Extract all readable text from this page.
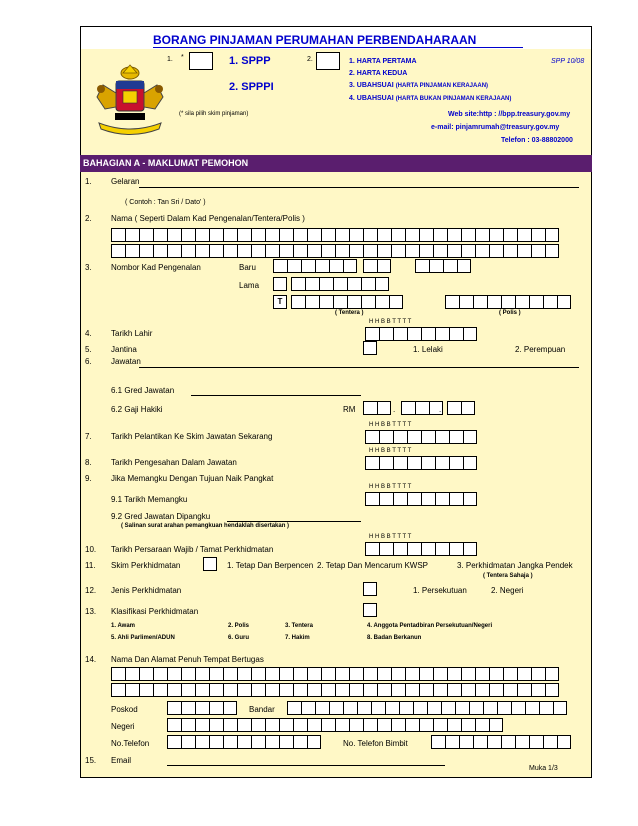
BORANG PINJAMAN PERUMAHAN PERBENDAHARAAN
1. *	1. SPPP
2. SPPPI
2.
(* sila pilih skim pinjaman)
1. HARTA PERTAMA
2. HARTA KEDUA
3. UBAHSUAI (HARTA PINJAMAN KERAJAAN)
4. UBAHSUAI (HARTA BUKAN PINJAMAN KERAJAAN)
SPP 10/08
Web site:http : //bpp.treasury.gov.my
e-mail: pinjamrumah@treasury.gov.my
Telefon : 03-88802000
BAHAGIAN A - MAKLUMAT PEMOHON
1. Gelaran
( Contoh : Tan Sri / Dato' )
2. Nama ( Seperti Dalam Kad Pengenalan/Tentera/Polis )
3. Nombor Kad Pengenalan	Baru
Lama
T
( Tentera )	( Polis )
H H B B T T T T
4. Tarikh Lahir
5. Jantina	1. Lelaki	2. Perempuan
6. Jawatan
6.1 Gred Jawatan
6.2 Gaji Hakiki	RM	.	.
H H B B T T T T
7. Tarikh Pelantikan Ke Skim Jawatan Sekarang
H H B B T T T T
8. Tarikh Pengesahan Dalam Jawatan
9. Jika Memangku Dengan Tujuan Naik Pangkat
H H B B T T T T
9.1 Tarikh Memangku
9.2 Gred Jawatan Dipangku
( Salinan surat arahan pemangkuan hendaklah disertakan )
H H B B T T T T
10. Tarikh Persaraan Wajib / Tamat Perkhidmatan
11. Skim Perkhidmatan	1. Tetap Dan Berpencen 2. Tetap Dan Mencarum KWSP	3. Perkhidmatan Jangka Pendek
( Tentera Sahaja )
12. Jenis Perkhidmatan	1. Persekutuan	2. Negeri
13. Klasifikasi Perkhidmatan
1. Awam	2. Polis	3. Tentera	4. Anggota Pentadbiran Persekutuan/Negeri
5. Ahli Parlimen/ADUN	6. Guru	7. Hakim	8. Badan Berkanun
14. Nama Dan Alamat Penuh Tempat Bertugas
Poskod	Bandar
Negeri
No.Telefon	No. Telefon Bimbit
15. Email
Muka 1/3
